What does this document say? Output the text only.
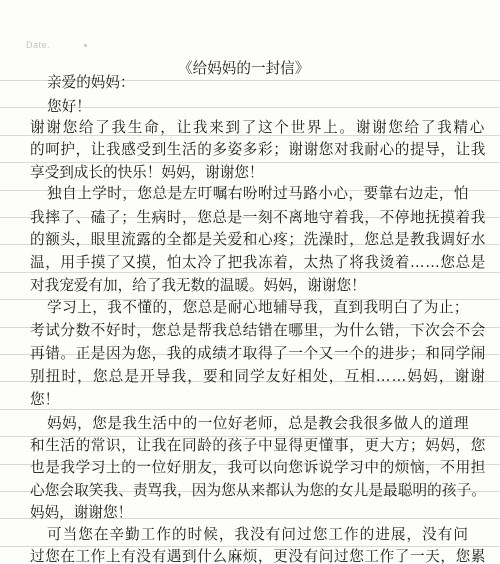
Date.
《给妈妈的一封信》
亲爱的妈妈：
您好！
谢谢您给了我生命，让我来到了这个世界上。谢谢您给了我精心
的呵护，让我感受到生活的多姿多彩；谢谢您对我耐心的提导，让我
享受到成长的快乐！妈妈，谢谢您！
独自上学时，您总是左叮嘱右吩咐过马路小心，要靠右边走，怕
我摔了、磕了；生病时，您总是一刻不离地守着我，不停地抚摸着我
的额头，眼里流露的全都是关爱和心疼；洗澡时，您总是教我调好水
温，用手摸了又摸，怕太冷了把我冻着，太热了将我烫着……您总是
对我宠爱有加，给了我无数的温暖。妈妈，谢谢您！
学习上，我不懂的，您总是耐心地辅导我，直到我明白了为止；
考试分数不好时，您总是帮我总结错在哪里，为什么错，下次会不会
再错。正是因为您，我的成绩才取得了一个又一个的进步；和同学闹
别扭时，您总是开导我，要和同学友好相处，互相……妈妈，谢谢
您！
妈妈，您是我生活中的一位好老师，总是教会我很多做人的道理
和生活的常识，让我在同龄的孩子中显得更懂事，更大方；妈妈，您
也是我学习上的一位好朋友，我可以向您诉说学习中的烦恼，不用担
心您会取笑我、责骂我，因为您从来都认为您的女儿是最聪明的孩子。
妈妈，谢谢您！
可当您在辛勤工作的时候，我没有问过您工作的进展，没有问
过您在工作上有没有遇到什么麻烦，更没有问过您工作了一天，您累
